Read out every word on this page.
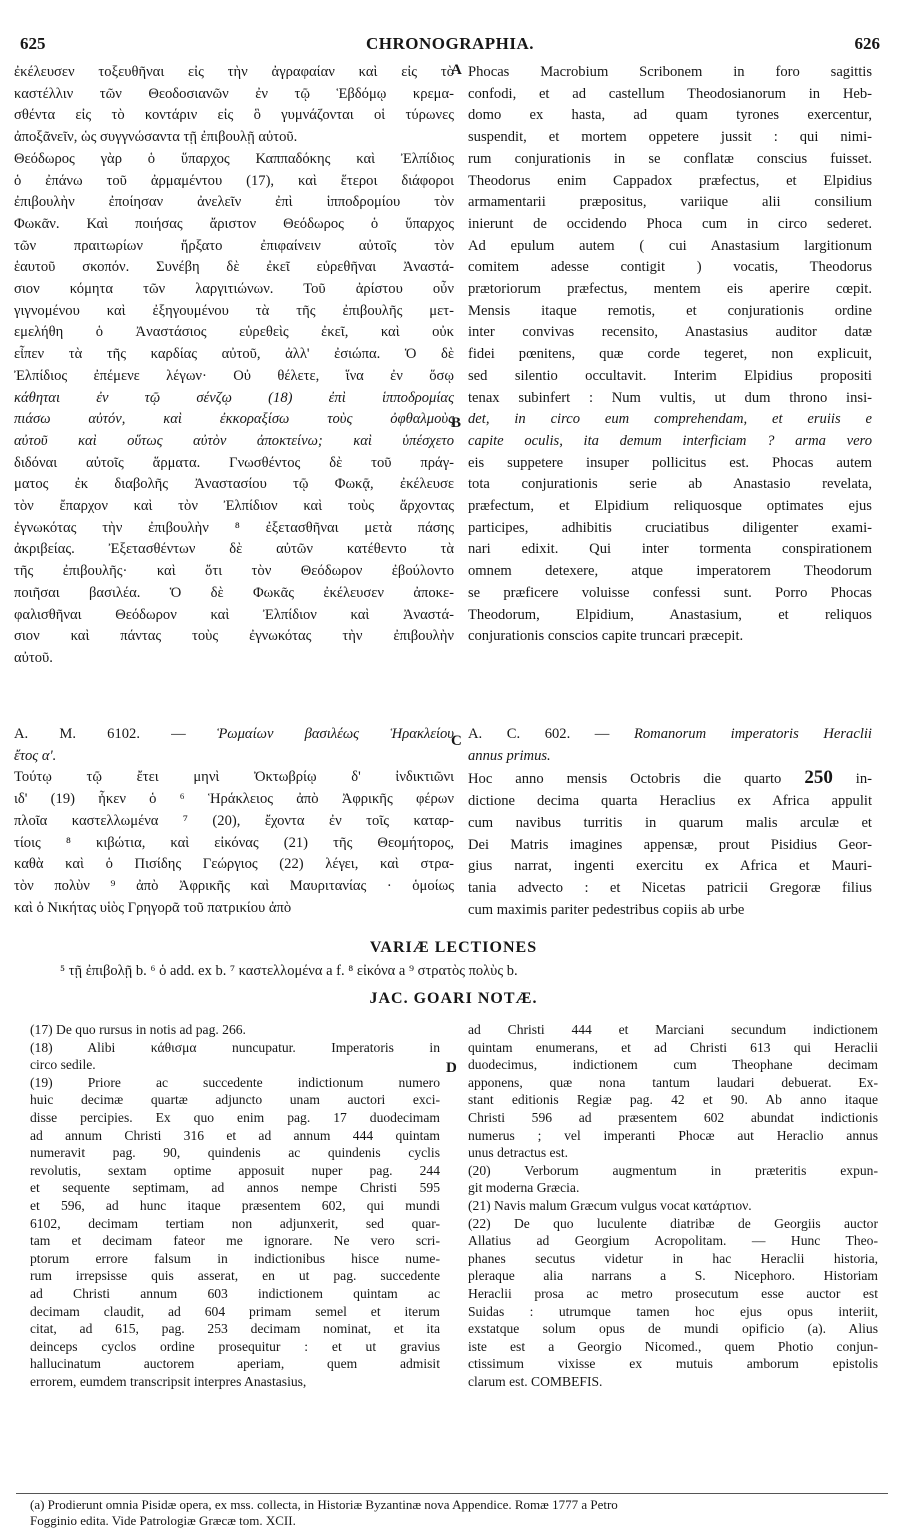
625	CHRONOGRAPHIA.	626
A
B
C
D
ἐκέλευσεν τοξευθῆναι εἰς τὴν ἀγραφαίαν καὶ εἰς τὸ
καστέλλιν τῶν Θεοδοσιανῶν ἐν τῷ Ἑβδόμῳ κρεμα-
σθέντα εἰς τὸ κοντάριν εἰς ὃ γυμνάζονται οἱ τύρωνες
ἀποξᾶνεῖν, ὡς συγγνώσαντα τῇ ἐπιβουλῇ αὐτοῦ.
Θεόδωρος γὰρ ὁ ὕπαρχος Καππαδόκης καὶ Ἐλπίδιος
ὁ ἐπάνω τοῦ ἀρμαμέντου (17), καὶ ἕτεροι διάφοροι
ἐπιβουλὴν ἐποίησαν ἀνελεῖν ἐπὶ ἱπποδρομίου τὸν
Φωκᾶν. Καὶ ποιήσας ἄριστον Θεόδωρος ὁ ὕπαρχος
τῶν πραιτωρίων ἤρξατο ἐπιφαίνειν αὐτοῖς τὸν
ἑαυτοῦ σκοπόν. Συνέβη δὲ ἐκεῖ εὑρεθῆναι Ἀναστά-
σιον κόμητα τῶν λαργιτιώνων. Τοῦ ἀρίστου οὖν
γιγνομένου καὶ ἐξηγουμένου τὰ τῆς ἐπιβουλῆς μετ-
εμελήθη ὁ Ἀναστάσιος εὑρεθεὶς ἐκεῖ, καὶ οὐκ
εἶπεν τὰ τῆς καρδίας αὐτοῦ, ἀλλ' ἐσιώπα. Ὁ δὲ
Ἐλπίδιος ἐπέμενε λέγων· Οὐ θέλετε, ἵνα ἐν ὅσῳ
κάθηται ἐν τῷ σένζῳ (18) ἐπὶ ἱπποδρομίας
πιάσω αὐτόν, καὶ ἐκκοραξίσω τοὺς ὀφθαλμοὺς
αὐτοῦ καὶ οὕτως αὐτὸν ἀποκτείνω; καὶ ὑπέσχετο
διδόναι αὐτοῖς ἅρματα. Γνωσθέντος δὲ τοῦ πράγ-
ματος ἐκ διαβολῆς Ἀναστασίου τῷ Φωκᾷ, ἐκέλευσε
τὸν ἔπαρχον καὶ τὸν Ἐλπίδιον καὶ τοὺς ἄρχοντας
ἐγνωκότας τὴν ἐπιβουλὴν ⁸ ἐξετασθῆναι μετὰ πάσης
ἀκριβείας. Ἐξετασθέντων δὲ αὐτῶν κατέθεντο τὰ
τῆς ἐπιβουλῆς· καὶ ὅτι τὸν Θεόδωρον ἐβούλοντο
ποιῆσαι βασιλέα. Ὁ δὲ Φωκᾶς ἐκέλευσεν ἀποκε-
φαλισθῆναι Θεόδωρον καὶ Ἐλπίδιον καὶ Ἀναστά-
σιον καὶ πάντας τοὺς ἐγνωκότας τὴν ἐπιβουλὴν
αὐτοῦ.
Phocas Macrobium Scribonem in foro sagittis
confodi, et ad castellum Theodosianorum in Heb-
domo ex hasta, ad quam tyrones exercentur,
suspendit, et mortem oppetere jussit : qui nimi-
rum conjurationis in se conflatæ conscius fuisset.
Theodorus enim Cappadox præfectus, et Elpidius
armamentarii præpositus, variique alii consilium
inierunt de occidendo Phoca cum in circo sederet.
Ad epulum autem ( cui Anastasium largitionum
comitem adesse contigit ) vocatis, Theodorus
prætoriorum præfectus, mentem eis aperire cœpit.
Mensis itaque remotis, et conjurationis ordine
inter convivas recensito, Anastasius auditor datæ
fidei pœnitens, quæ corde tegeret, non explicuit,
sed silentio occultavit. Interim Elpidius propositi
tenax subinfert : Num vultis, ut dum throno insi-
det, in circo eum comprehendam, et eruiis e
capite oculis, ita demum interficiam ? arma vero
eis suppetere insuper pollicitus est. Phocas autem
tota conjurationis serie ab Anastasio revelata,
præfectum, et Elpidium reliquosque optimates ejus
participes, adhibitis cruciatibus diligenter exami-
nari edixit. Qui inter tormenta conspirationem
omnem detexere, atque imperatorem Theodorum
se præficere voluisse confessi sunt. Porro Phocas
Theodorum, Elpidium, Anastasium, et reliquos
conjurationis conscios capite truncari præcepit.
A. M. 6102. — Ῥωμαίων βασιλέως Ἡρακλείου
ἔτος α'.
Τούτῳ τῷ ἔτει μηνὶ Ὀκτωβρίῳ δ' ἰνδικτιῶνι
ιδ' (19) ἧκεν ὁ ⁶ Ἡράκλειος ἀπὸ Ἀφρικῆς φέρων
πλοῖα καστελλωμένα ⁷ (20), ἔχοντα ἐν τοῖς καταρ-
τίοις ⁸ κιβώτια, καὶ εἰκόνας (21) τῆς Θεομήτορος,
καθὰ καὶ ὁ Πισίδης Γεώργιος (22) λέγει, καὶ στρα-
τὸν πολὺν ⁹ ἀπὸ Ἀφρικῆς καὶ Μαυριτανίας · ὁμοίως
καὶ ὁ Νικήτας υἱὸς Γρηγορᾶ τοῦ πατρικίου ἀπὸ
A. C. 602. — Romanorum imperatoris Heraclii
annus primus.
Hoc anno mensis Octobris die quarto 250 in-
dictione decima quarta Heraclius ex Africa appulit
cum navibus turritis in quarum malis arculæ et
Dei Matris imagines appensæ, prout Pisidius Geor-
gius narrat, ingenti exercitu ex Africa et Mauri-
tania advecto : et Nicetas patricii Gregoræ filius
cum maximis pariter pedestribus copiis ab urbe
VARIÆ LECTIONES
⁵ τῇ ἐπιβολῇ b. ⁶ ὁ add. ex b. ⁷ καστελλομένα a f. ⁸ εἰκόνα a ⁹ στρατὸς πολὺς b.
JAC. GOARI NOTÆ.
(17) De quo rursus in notis ad pag. 266.
(18) Alibi κάθισμα nuncupatur. Imperatoris in
circo sedile.
(19) Priore ac succedente indictionum numero
huic decimæ quartæ adjuncto unam auctori exci-
disse percipies. Ex quo enim pag. 17 duodecimam
ad annum Christi 316 et ad annum 444 quintam
numeravit pag. 90, quindenis ac quindenis cyclis
revolutis, sextam optime apposuit nuper pag. 244
et sequente septimam, ad annos nempe Christi 595
et 596, ad hunc itaque præsentem 602, qui mundi
6102, decimam tertiam non adjunxerit, sed quar-
tam et decimam fateor me ignorare. Ne vero scri-
ptorum errore falsum in indictionibus hisce nume-
rum irrepsisse quis asserat, en ut pag. succedente
ad Christi annum 603 indictionem quintam ac
decimam claudit, ad 604 primam semel et iterum
citat, ad 615, pag. 253 decimam nominat, et ita
deinceps cyclos ordine prosequitur : et ut gravius
hallucinatum auctorem aperiam, quem admisit
errorem, eumdem transcripsit interpres Anastasius,
ad Christi 444 et Marciani secundum indictionem
quintam enumerans, et ad Christi 613 qui Heraclii
duodecimus, indictionem cum Theophane decimam
apponens, quæ nona tantum laudari debuerat. Ex-
stant editionis Regiæ pag. 42 et 90. Ab anno itaque
Christi 596 ad præsentem 602 abundat indictionis
numerus ; vel imperanti Phocæ aut Heraclio annus
unus detractus est.
(20) Verborum augmentum in præteritis expun-
git moderna Græcia.
(21) Navis malum Græcum vulgus vocat κατάρτιον.
(22) De quo luculente diatribæ de Georgiis auctor
Allatius ad Georgium Acropolitam. — Hunc Theo-
phanes secutus videtur in hac Heraclii historia,
pleraque alia narrans a S. Nicephoro. Historiam
Heraclii prosa ac metro prosecutum esse auctor est
Suidas : utrumque tamen hoc ejus opus interiit,
exstatque solum opus de mundi opificio (a). Alius
iste est a Georgio Nicomed., quem Photio conjun-
ctissimum vixisse ex mutuis amborum epistolis
clarum est. COMBEFIS.
(a) Prodierunt omnia Pisidæ opera, ex mss. collecta, in Historiæ Byzantinæ nova Appendice. Romæ 1777 a Petro
Fogginio edita. Vide Patrologiæ Græcæ tom. XCII.
